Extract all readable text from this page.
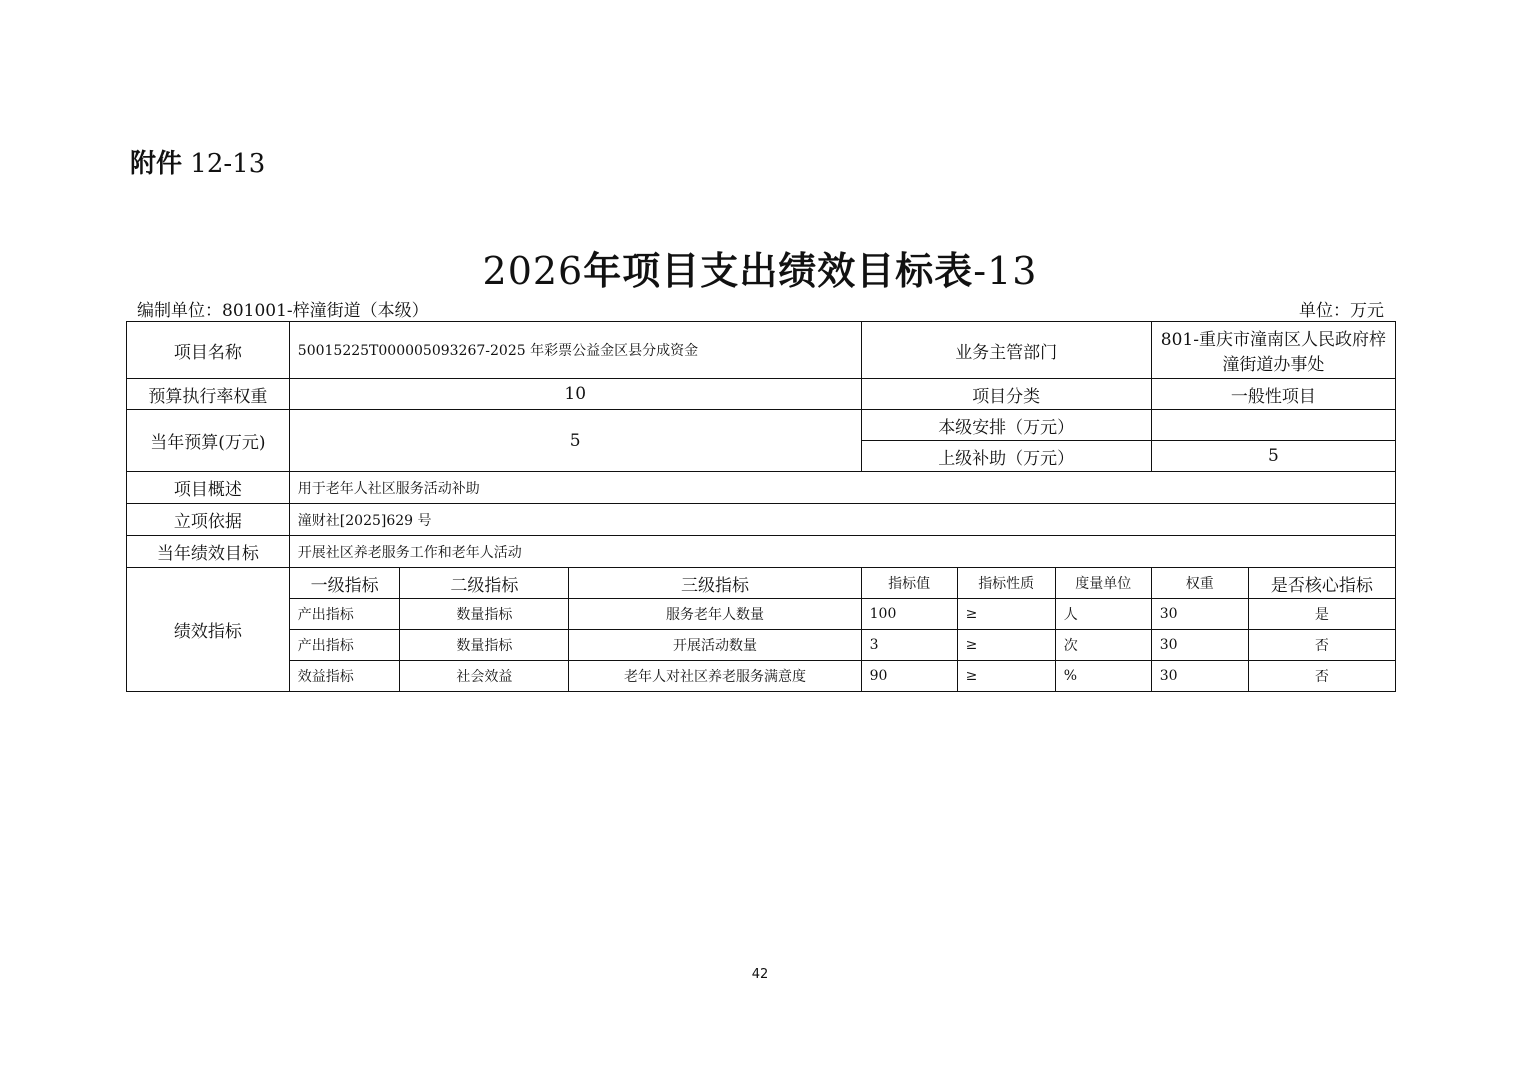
附件 12-13
2026年项目支出绩效目标表-13
编制单位：801001-梓潼街道（本级）	单位：万元
项目名称	50015225T000005093267-2025 年彩票公益金区县分成资金			业务主管部门			801-重庆市潼南区人民政府梓潼街道办事处	
预算执行率权重	10			项目分类			一般性项目	
当年预算(万元)	5			本级安排（万元）				
				上级补助（万元）			5	
项目概述	用于老年人社区服务活动补助							
立项依据	潼财社[2025]629 号							
当年绩效目标	开展社区养老服务工作和老年人活动							
绩效指标	一级指标	二级指标	三级指标	指标值	指标性质	度量单位	权重	是否核心指标
	产出指标	数量指标	服务老年人数量	100	≥	人	30	是
	产出指标	数量指标	开展活动数量	3	≥	次	30	否
	效益指标	社会效益	老年人对社区养老服务满意度	90	≥	%	30	否
42
